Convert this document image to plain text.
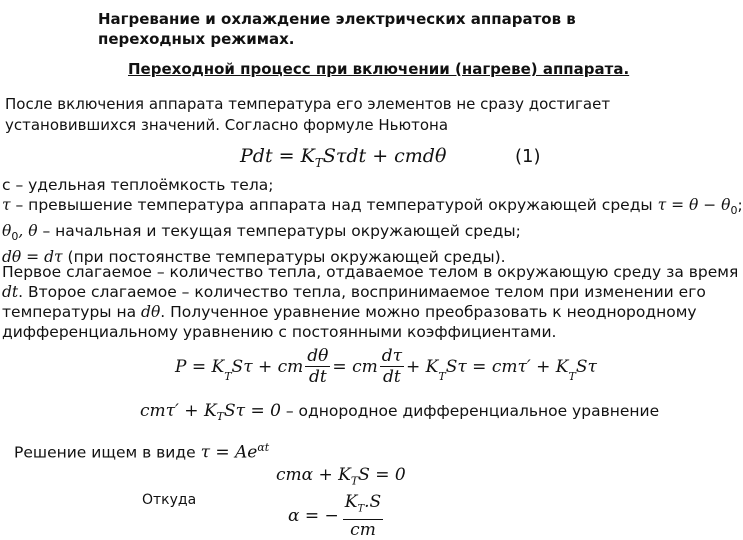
Нагревание и охлаждение электрических аппаратов в
переходных режимах.
Переходной процесс при включении (нагреве) аппарата.
После включения аппарата температура его элементов не сразу достигает
установившихся значений. Согласно формуле Ньютона
Pdt = $K_TS\tau dt + cmd\theta$	(1)
c – удельная теплоёмкость тела;
τ – превышение температура аппарата над температурой окружающей среды $\tau = \theta - \theta_0$;
$\theta_0$, θ – начальная и текущая температуры окружающей среды;
dθ = dτ (при постоянстве температуры окружающей среды).
Первое слагаемое – количество тепла, отдаваемое телом в окружающую среду за время
dt. Второе слагаемое – количество тепла, воспринимаемое телом при изменении его
температуры на dθ. Полученное уравнение можно преобразовать к неоднородному
дифференциальному уравнению с постоянными коэффициентами.
$P = K_T$ Sτ + cm $\frac{d\theta}{dt}$ = cm $\frac{d\tau}{dt} + K_T$ $S\tau = cm\tau' + K_T$ Sτ
$cm\tau' + K_TS\tau = 0$ – однородное дифференциальное уравнение
Решение ищем в виде $\tau = Ae^{\alpha t}$
$cm\alpha + K_TS = 0$
Откуда
α = − $\frac{K_T.S}{cm}$
